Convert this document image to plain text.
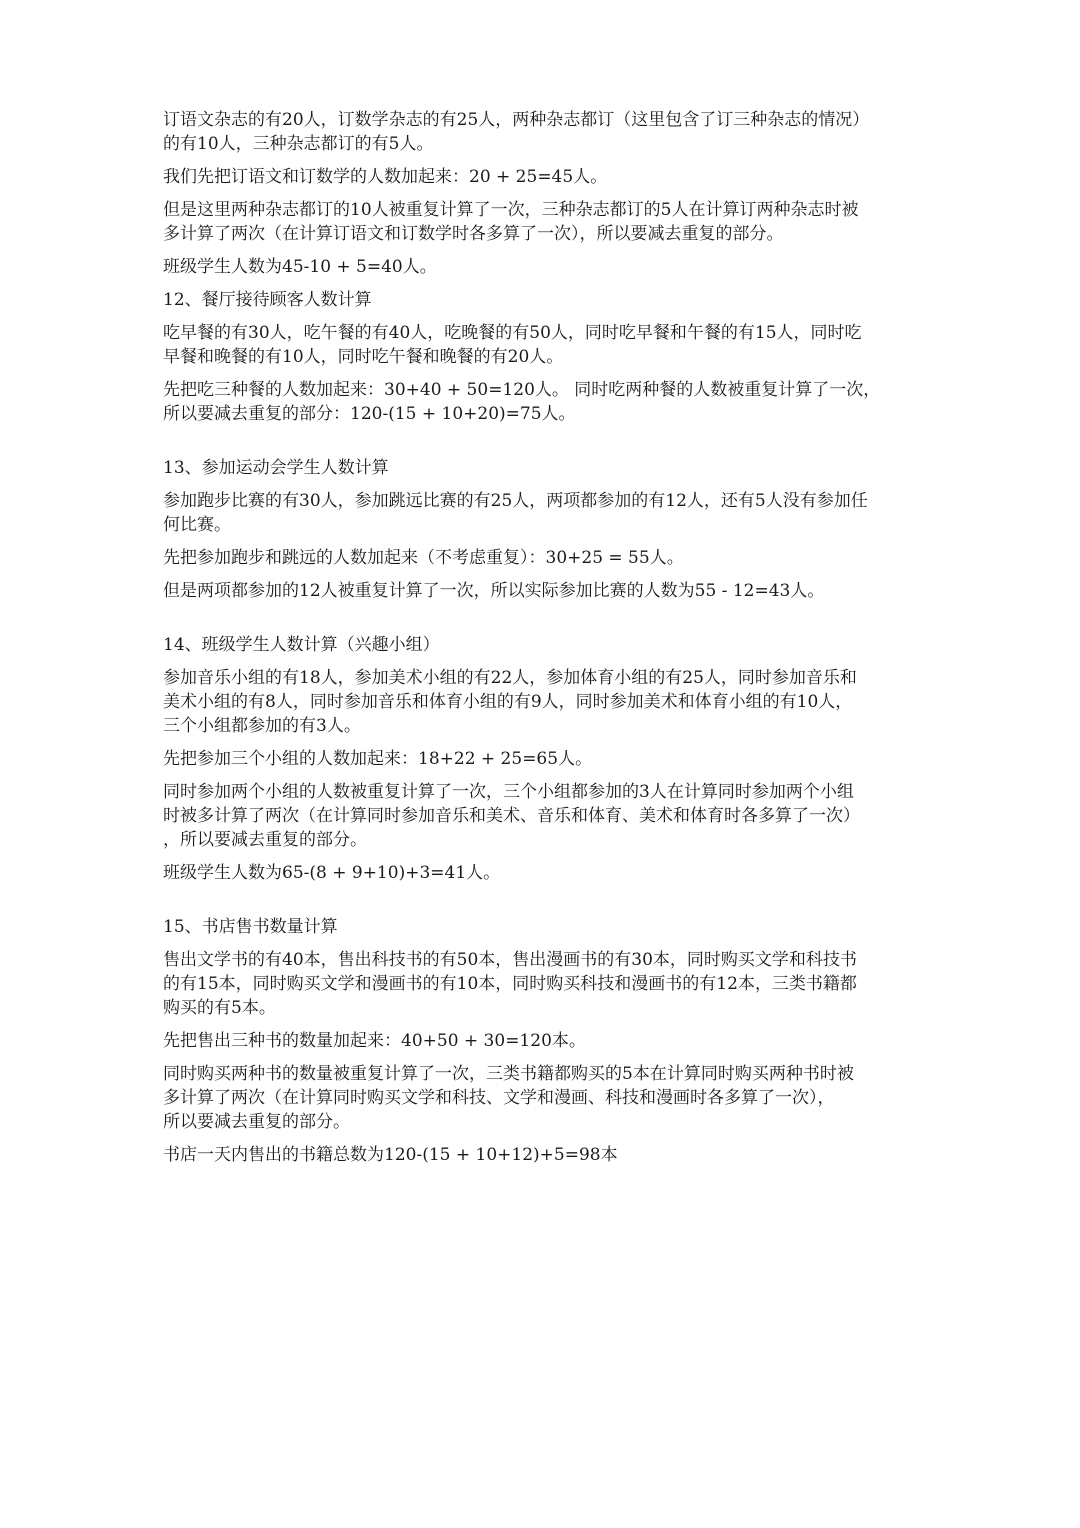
订语文杂志的有20人，订数学杂志的有25人，两种杂志都订（这里包含了订三种杂志的情况）
的有10人，三种杂志都订的有5人。

我们先把订语文和订数学的人数加起来：20 + 25=45人。

但是这里两种杂志都订的10人被重复计算了一次，三种杂志都订的5人在计算订两种杂志时被
多计算了两次（在计算订语文和订数学时各多算了一次），所以要减去重复的部分。

班级学生人数为45-10 + 5=40人。

12、餐厅接待顾客人数计算

吃早餐的有30人，吃午餐的有40人，吃晚餐的有50人，同时吃早餐和午餐的有15人，同时吃
早餐和晚餐的有10人，同时吃午餐和晚餐的有20人。

先把吃三种餐的人数加起来：30+40 + 50=120人。 同时吃两种餐的人数被重复计算了一次，
所以要减去重复的部分：120-(15 + 10+20)=75人。

13、参加运动会学生人数计算

参加跑步比赛的有30人，参加跳远比赛的有25人，两项都参加的有12人，还有5人没有参加任
何比赛。

先把参加跑步和跳远的人数加起来（不考虑重复）：30+25 = 55人。

但是两项都参加的12人被重复计算了一次，所以实际参加比赛的人数为55 - 12=43人。

14、班级学生人数计算（兴趣小组）

参加音乐小组的有18人，参加美术小组的有22人，参加体育小组的有25人，同时参加音乐和
美术小组的有8人，同时参加音乐和体育小组的有9人，同时参加美术和体育小组的有10人，
三个小组都参加的有3人。

先把参加三个小组的人数加起来：18+22 + 25=65人。

同时参加两个小组的人数被重复计算了一次，三个小组都参加的3人在计算同时参加两个小组
时被多计算了两次（在计算同时参加音乐和美术、音乐和体育、美术和体育时各多算了一次）
，所以要减去重复的部分。

班级学生人数为65-(8 + 9+10)+3=41人。

15、书店售书数量计算

售出文学书的有40本，售出科技书的有50本，售出漫画书的有30本，同时购买文学和科技书
的有15本，同时购买文学和漫画书的有10本，同时购买科技和漫画书的有12本，三类书籍都
购买的有5本。

先把售出三种书的数量加起来：40+50 + 30=120本。

同时购买两种书的数量被重复计算了一次，三类书籍都购买的5本在计算同时购买两种书时被
多计算了两次（在计算同时购买文学和科技、文学和漫画、科技和漫画时各多算了一次），
所以要减去重复的部分。

书店一天内售出的书籍总数为120-(15 + 10+12)+5=98本
